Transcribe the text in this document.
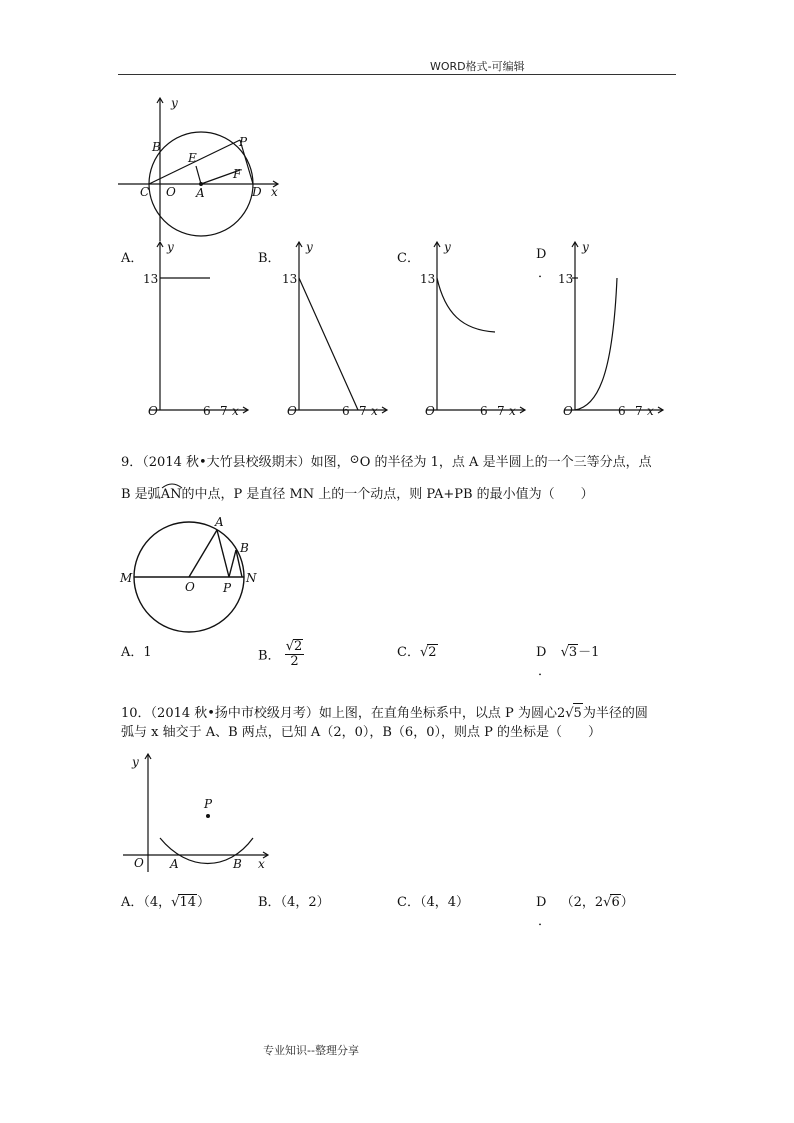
WORD格式-可编辑
y
B
E
P
F
C O A	D x
A．
y
13
O	6 7 x
B．
y
13
O	6 7 x
C．
y
13
O	6 7 x
D
．
y
13
O	6 7 x
9．（2014 秋•大竹县校级期末）如图，⊙O 的半径为 1，点 A 是半圆上的一个三等分点，点
B 是弧
AN的中点，P 是直径 MN 上的一个动点，则 PA+PB 的最小值为（　　）
A
B
M	N
O P
A．1	B． $\frac{√2}{2}$	C．√2	D √3－1
．
10．（2014 秋•扬中市校级月考）如上图，在直角坐标系中，以点 P 为圆心2√5为半径的圆
弧与 x 轴交于 A、B 两点，已知 A（2，0），B（6，0），则点 P 的坐标是（　　）
y
P
O A	B x
A．（4，√14）	B．（4，2）	C．（4，4）	D （2，2√6）
．
专业知识--整理分享
